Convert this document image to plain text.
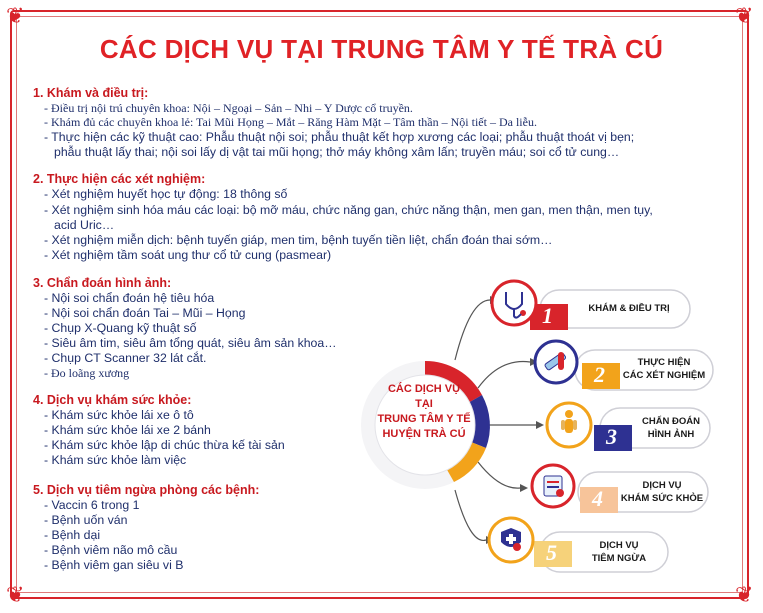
❦	❦
❦	❦
CÁC DỊCH VỤ TẠI TRUNG TÂM Y TẾ TRÀ CÚ
1. Khám và điều trị:
- Điều trị nội trú chuyên khoa: Nội – Ngoại – Sản – Nhi – Y Dược cổ truyền.
- Khám đủ các chuyên khoa lẻ: Tai Mũi Họng – Mắt – Răng Hàm Mặt – Tâm thần – Nội tiết – Da liễu.
- Thực hiện các kỹ thuật cao: Phẫu thuật nội soi; phẫu thuật kết hợp xương các loại; phẫu thuật thoát vị bẹn;
phẫu thuật lấy thai; nội soi lấy dị vật tai mũi họng; thở máy không xâm lấn; truyền máu; soi cổ tử cung…
2. Thực hiện các xét nghiệm:
- Xét nghiệm huyết học tự động: 18 thông số
- Xét nghiệm sinh hóa máu các loại: bộ mỡ máu, chức năng gan, chức năng thận, men gan, men thận, men tụy,
acid Uric…
- Xét nghiệm miễn dịch: bệnh tuyến giáp, men tim, bệnh tuyến tiền liệt, chẩn đoán thai sớm…
- Xét nghiệm tầm soát ung thư cổ tử cung (pasmear)
3. Chẩn đoán hình ảnh:
- Nội soi chẩn đoán hệ tiêu hóa
- Nội soi chẩn đoán Tai – Mũi – Họng
- Chụp X-Quang kỹ thuật số
- Siêu âm tim, siêu âm tổng quát, siêu âm sản khoa…
- Chụp CT Scanner 32 lát cắt.
- Đo loãng xương
4. Dịch vụ khám sức khỏe:
- Khám sức khỏe lái xe ô tô
- Khám sức khỏe lái xe 2 bánh
- Khám sức khỏe lập di chúc thừa kế tài sản
- Khám sức khỏe làm việc
5. Dịch vụ tiêm ngừa phòng các bệnh:
- Vaccin 6 trong 1
- Bệnh uốn ván
- Bệnh dại
- Bệnh viêm não mô cầu
- Bệnh viêm gan siêu vi B
CÁC DỊCH VỤ
TẠI
TRUNG TÂM Y TẾ
HUYỆN TRÀ CÚ
1
2
3
4
5
KHÁM & ĐIỀU TRỊ
THỰC HIỆN
CÁC XÉT NGHIỆM
CHẨN ĐOÁN
HÌNH ẢNH
DỊCH VỤ
KHÁM SỨC KHỎE
DỊCH VỤ
TIÊM NGỪA
